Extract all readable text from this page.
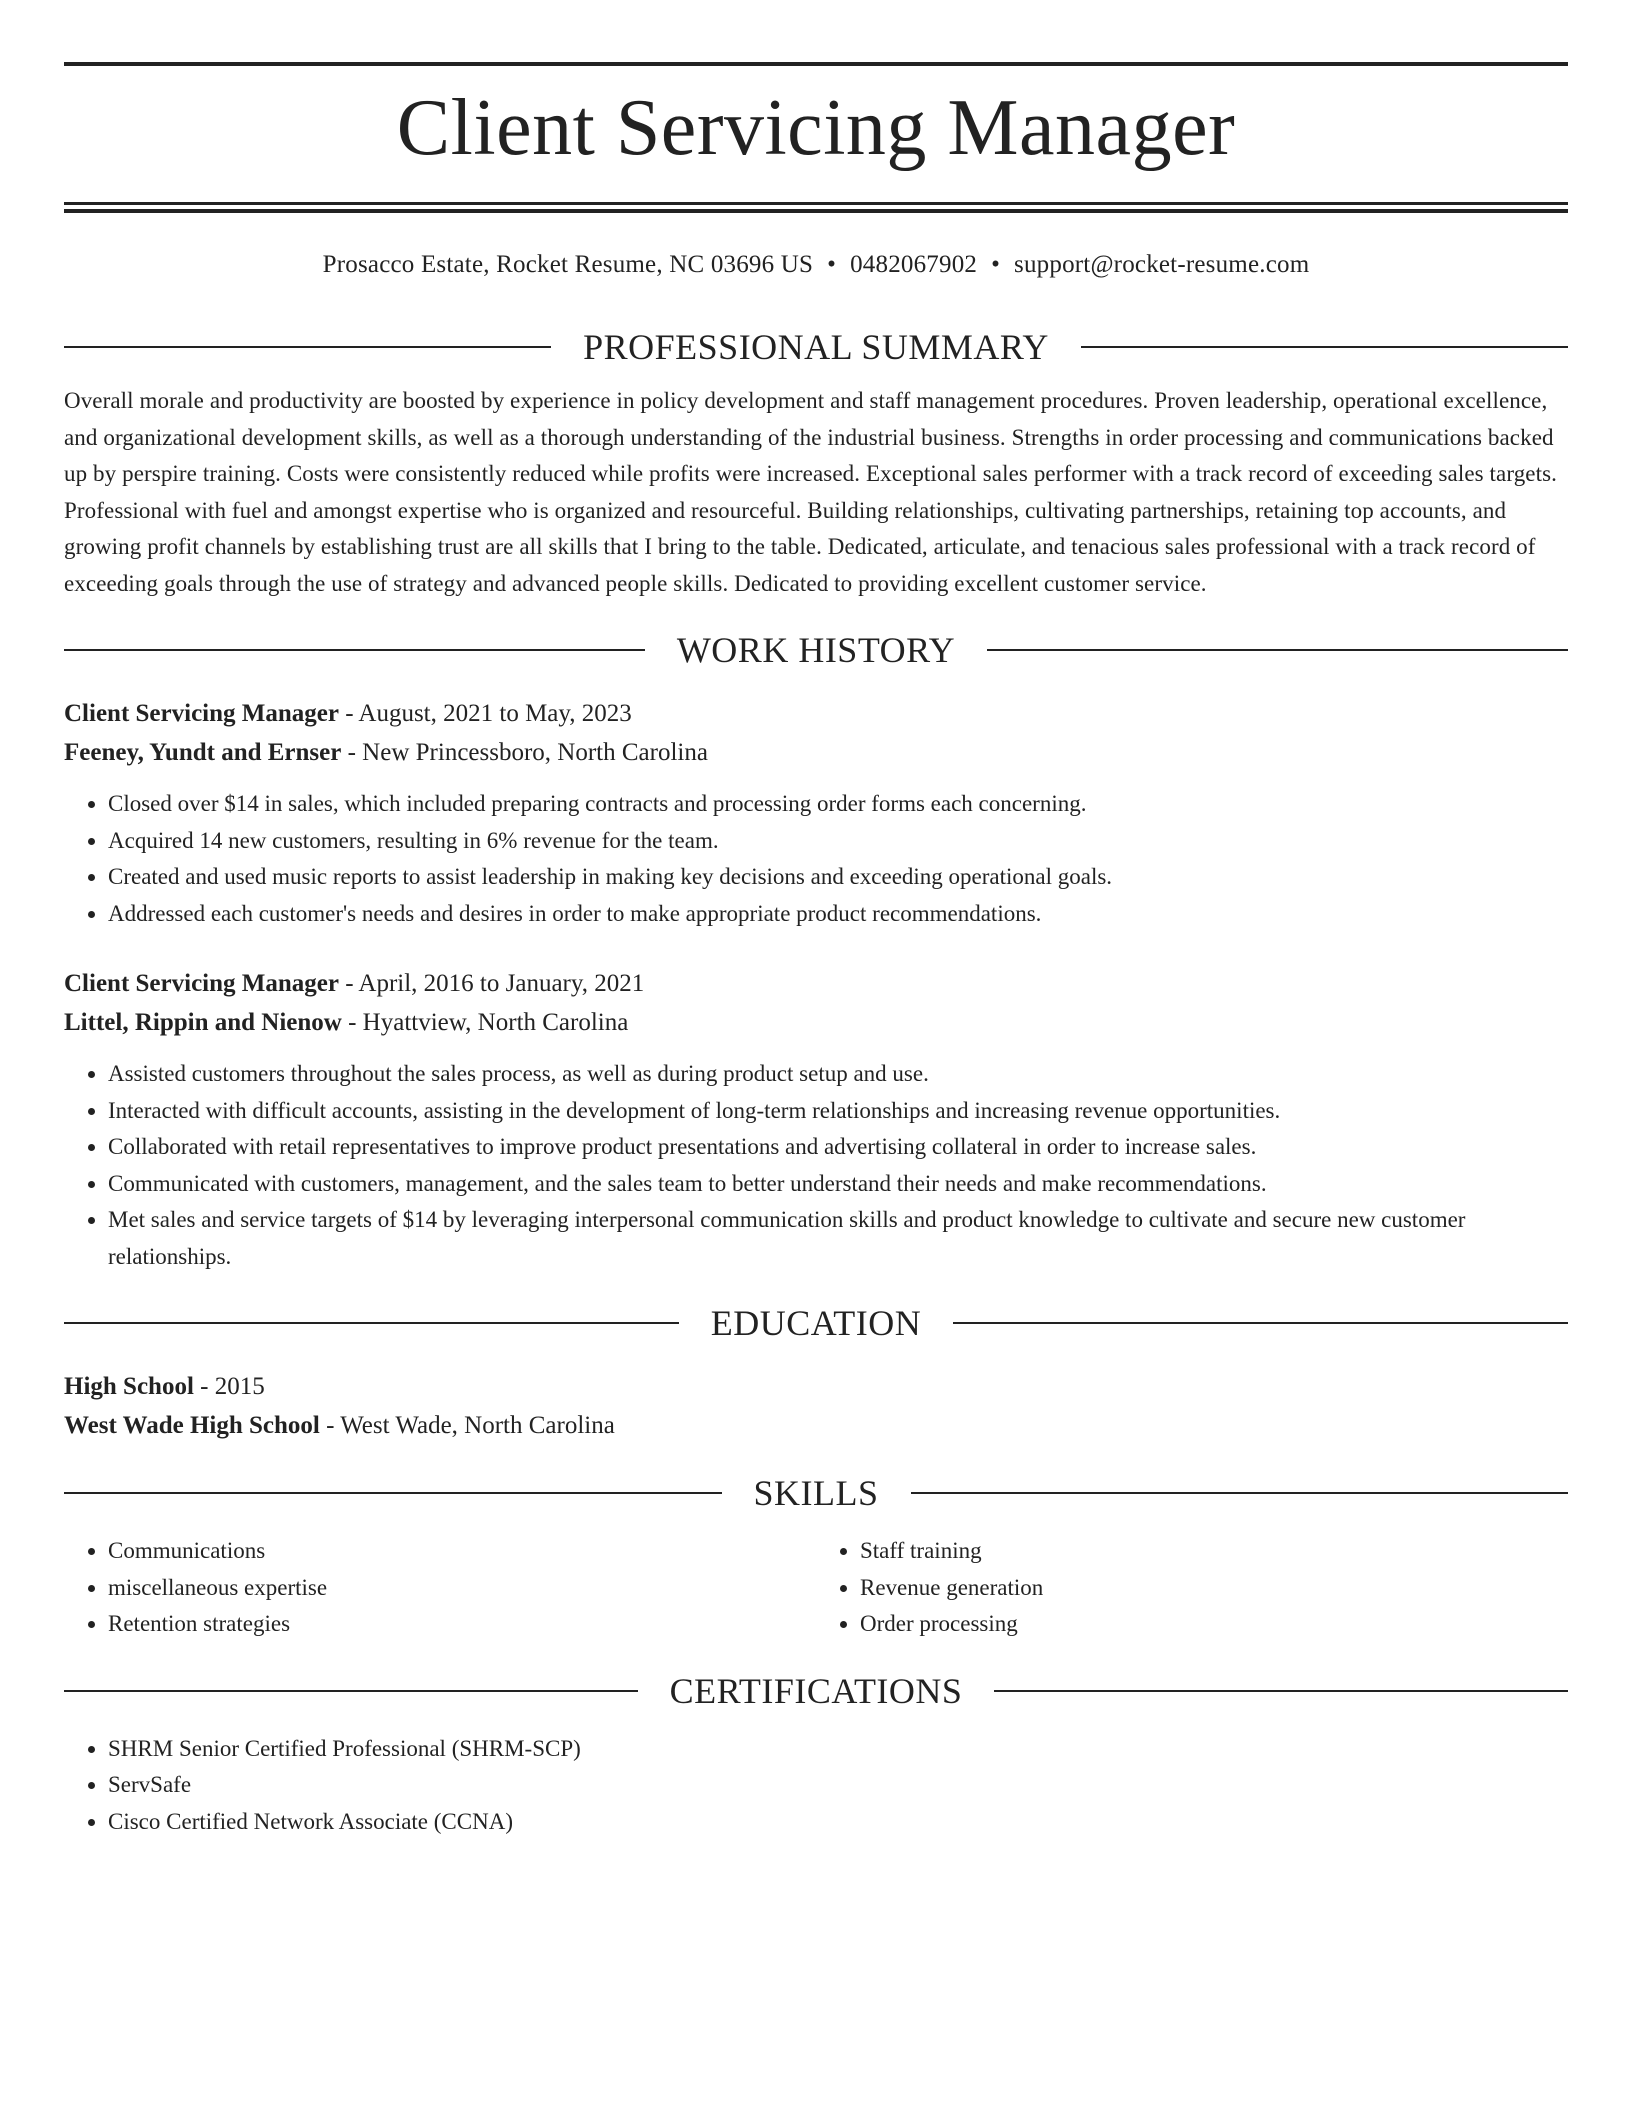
Client Servicing Manager
Prosacco Estate, Rocket Resume, NC 03696 US • 0482067902 • support@rocket-resume.com
PROFESSIONAL SUMMARY
Overall morale and productivity are boosted by experience in policy development and staff management procedures. Proven leadership, operational excellence, and organizational development skills, as well as a thorough understanding of the industrial business. Strengths in order processing and communications backed up by perspire training. Costs were consistently reduced while profits were increased. Exceptional sales performer with a track record of exceeding sales targets. Professional with fuel and amongst expertise who is organized and resourceful. Building relationships, cultivating partnerships, retaining top accounts, and growing profit channels by establishing trust are all skills that I bring to the table. Dedicated, articulate, and tenacious sales professional with a track record of exceeding goals through the use of strategy and advanced people skills. Dedicated to providing excellent customer service.
WORK HISTORY
Client Servicing Manager - August, 2021 to May, 2023
Feeney, Yundt and Ernser - New Princessboro, North Carolina
• Closed over $14 in sales, which included preparing contracts and processing order forms each concerning.
• Acquired 14 new customers, resulting in 6% revenue for the team.
• Created and used music reports to assist leadership in making key decisions and exceeding operational goals.
• Addressed each customer's needs and desires in order to make appropriate product recommendations.
Client Servicing Manager - April, 2016 to January, 2021
Littel, Rippin and Nienow - Hyattview, North Carolina
• Assisted customers throughout the sales process, as well as during product setup and use.
• Interacted with difficult accounts, assisting in the development of long-term relationships and increasing revenue opportunities.
• Collaborated with retail representatives to improve product presentations and advertising collateral in order to increase sales.
• Communicated with customers, management, and the sales team to better understand their needs and make recommendations.
• Met sales and service targets of $14 by leveraging interpersonal communication skills and product knowledge to cultivate and secure new customer relationships.
EDUCATION
High School - 2015
West Wade High School - West Wade, North Carolina
SKILLS
• Communications
• miscellaneous expertise
• Retention strategies
• Staff training
• Revenue generation
• Order processing
CERTIFICATIONS
• SHRM Senior Certified Professional (SHRM-SCP)
• ServSafe
• Cisco Certified Network Associate (CCNA)
